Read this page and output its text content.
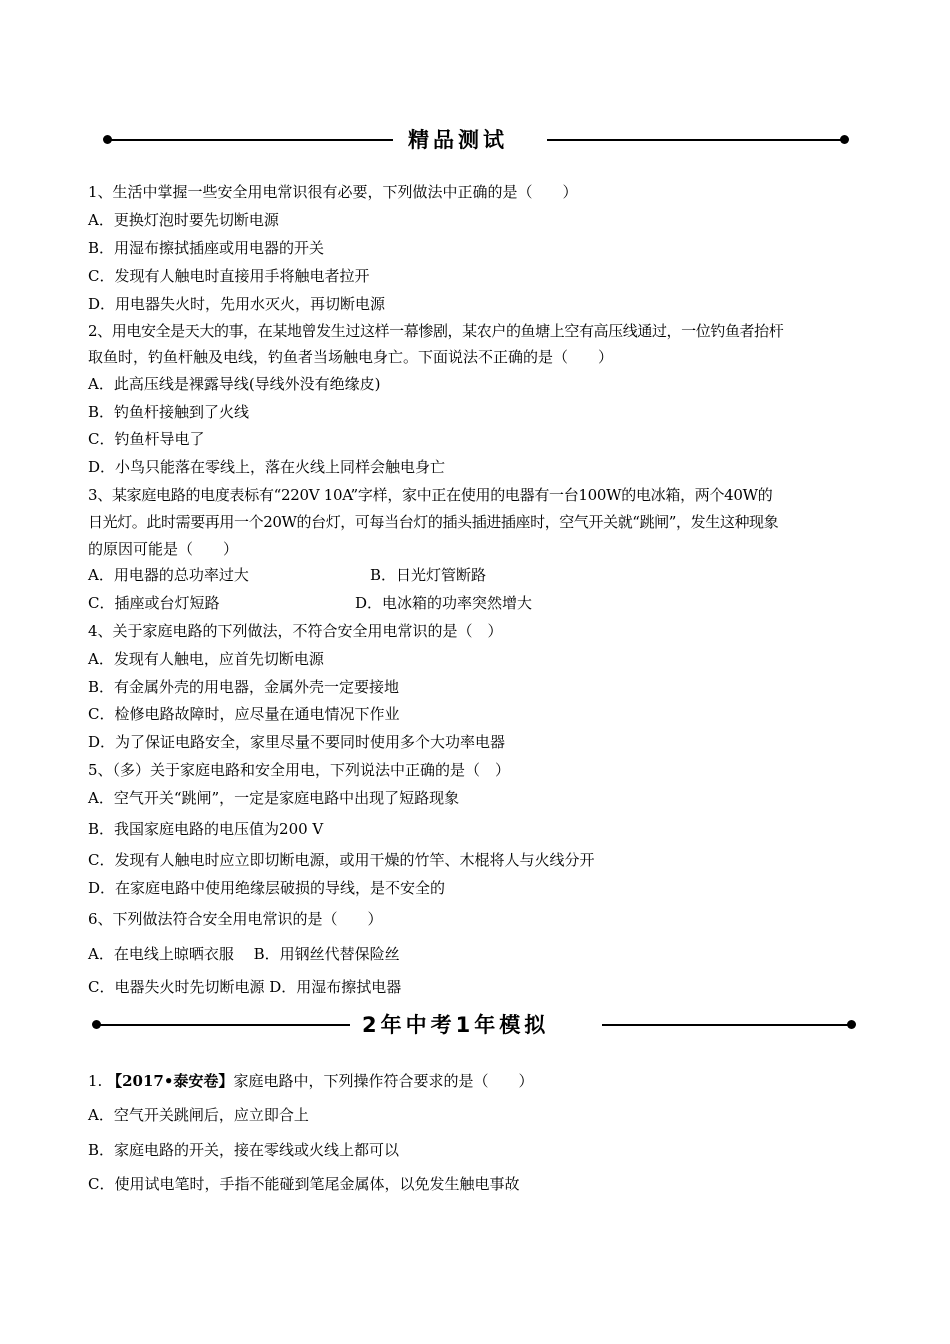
精品测试
1、生活中掌握一些安全用电常识很有必要，下列做法中正确的是（　　）
A．更换灯泡时要先切断电源
B．用湿布擦拭插座或用电器的开关
C．发现有人触电时直接用手将触电者拉开
D．用电器失火时，先用水灭火，再切断电源
2、用电安全是天大的事，在某地曾发生过这样一幕惨剧，某农户的鱼塘上空有高压线通过，一位钓鱼者抬杆
取鱼时，钓鱼杆触及电线，钓鱼者当场触电身亡。下面说法不正确的是（　　）
A．此高压线是裸露导线(导线外没有绝缘皮)
B．钓鱼杆接触到了火线
C．钓鱼杆导电了
D．小鸟只能落在零线上，落在火线上同样会触电身亡
3、某家庭电路的电度表标有“220V 10A”字样，家中正在使用的电器有一台100W的电冰箱，两个40W的
日光灯。此时需要再用一个20W的台灯，可每当台灯的插头插进插座时，空气开关就“跳闸”，发生这种现象
的原因可能是（　　）
A．用电器的总功率过大	B．日光灯管断路
C．插座或台灯短路	D．电冰箱的功率突然增大
4、关于家庭电路的下列做法，不符合安全用电常识的是（　）
A．发现有人触电，应首先切断电源
B．有金属外壳的用电器，金属外壳一定要接地
C．检修电路故障时，应尽量在通电情况下作业
D．为了保证电路安全，家里尽量不要同时使用多个大功率电器
5、（多）关于家庭电路和安全用电，下列说法中正确的是（　）
A．空气开关“跳闸”，一定是家庭电路中出现了短路现象
B．我国家庭电路的电压值为200 V
C．发现有人触电时应立即切断电源，或用干燥的竹竿、木棍将人与火线分开
D．在家庭电路中使用绝缘层破损的导线，是不安全的
6、下列做法符合安全用电常识的是（　　）
A．在电线上晾晒衣服　 B．用钢丝代替保险丝
C．电器失火时先切断电源 D．用湿布擦拭电器
2年中考1年模拟
1. 【2017•泰安卷】家庭电路中，下列操作符合要求的是（　　）
A．空气开关跳闸后，应立即合上
B．家庭电路的开关，接在零线或火线上都可以
C．使用试电笔时，手指不能碰到笔尾金属体，以免发生触电事故
